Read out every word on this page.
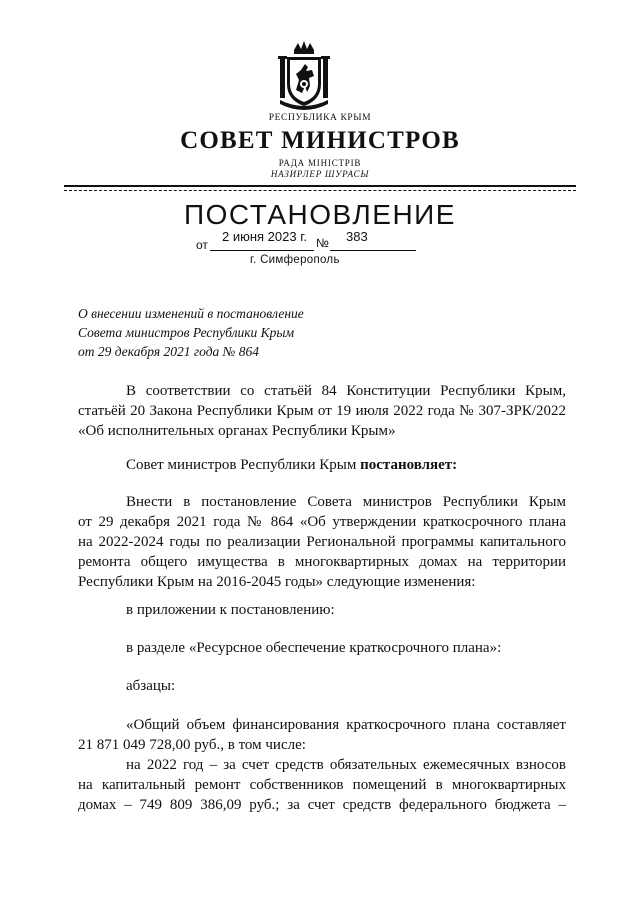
РЕСПУБЛИКА КРЫМ
СОВЕТ МИНИСТРОВ
РАДА МІНІСТРІВ
НАЗИРЛЕР ШУРАСЫ
ПОСТАНОВЛЕНИЕ
от
2 июня 2023 г. № 383
г. Симферополь
О внесении изменений в постановление
Совета министров Республики Крым
от 29 декабря 2021 года № 864
В соответствии со статьёй 84 Конституции Республики Крым,
статьёй 20 Закона Республики Крым от 19 июля 2022 года № 307-ЗРК/2022
«Об исполнительных органах Республики Крым»
Совет министров Республики Крым постановляет:
Внести в постановление Совета министров Республики Крым
от 29 декабря 2021 года № 864 «Об утверждении краткосрочного плана
на 2022-2024 годы по реализации Региональной программы капитального
ремонта общего имущества в многоквартирных домах на территории
Республики Крым на 2016-2045 годы» следующие изменения:
в приложении к постановлению:
в разделе «Ресурсное обеспечение краткосрочного плана»:
абзацы:
«Общий объем финансирования краткосрочного плана составляет
21 871 049 728,00 руб., в том числе:
на 2022 год – за счет средств обязательных ежемесячных взносов
на капитальный ремонт собственников помещений в многоквартирных
домах – 749 809 386,09 руб.; за счет средств федерального бюджета –
